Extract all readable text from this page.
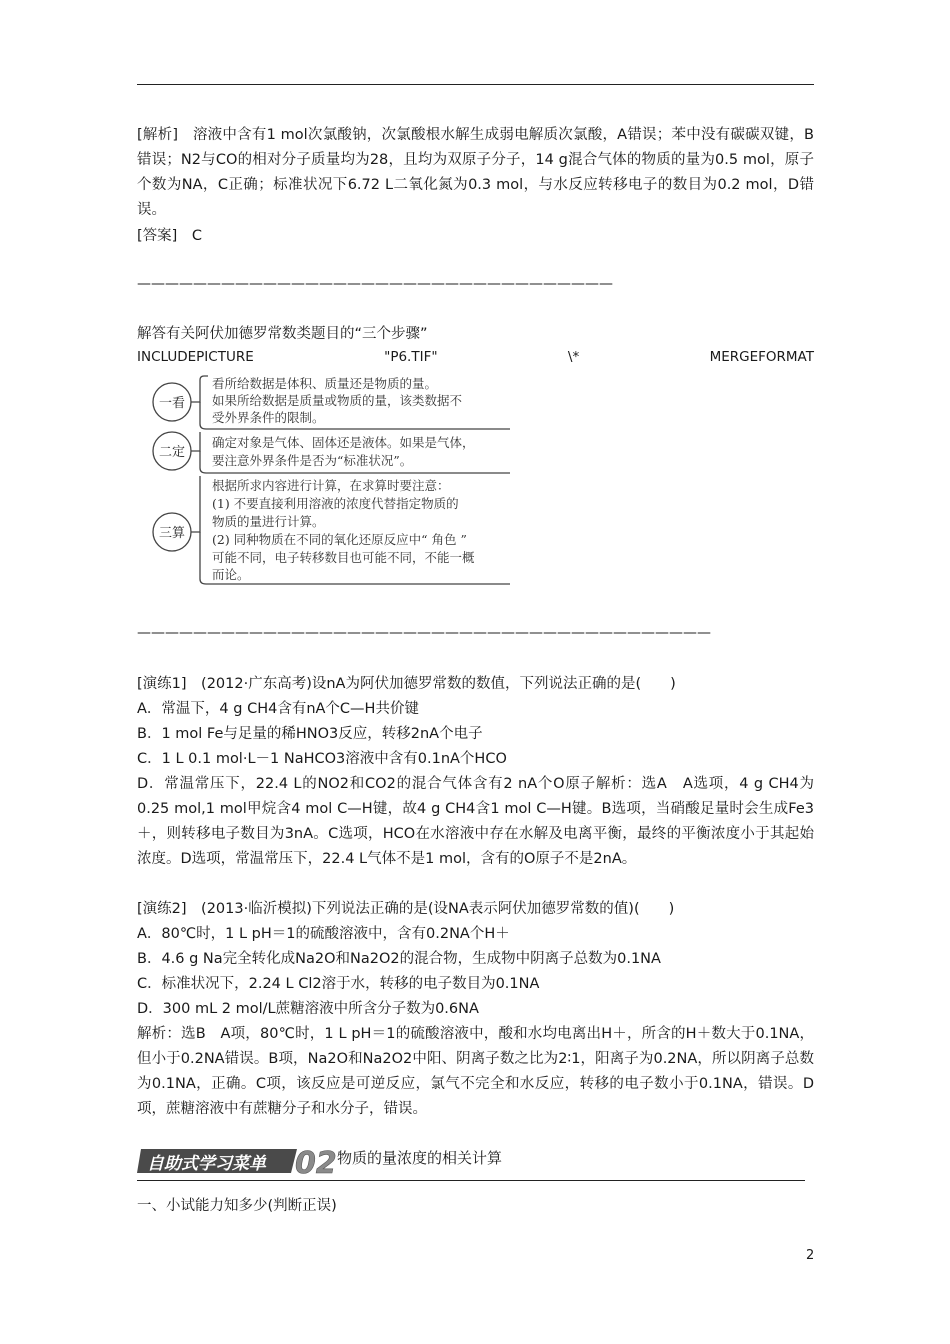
[解析]　溶液中含有1 mol次氯酸钠，次氯酸根水解生成弱电解质次氯酸，A错误；苯中没有碳碳双键，B错误；N2与CO的相对分子质量均为28，且均为双原子分子，14 g混合气体的物质的量为0.5 mol，原子个数为NA，C正确；标准状况下6.72 L二氧化氮为0.3 mol，与水反应转移电子的数目为0.2 mol，D错误。
[答案]　C
——————————————————————————————————
解答有关阿伏加德罗常数类题目的“三个步骤”
INCLUDEPICTURE	"P6.TIF"	\*	MERGEFORMAT
一看
看所给数据是体积、质量还是物质的量。
如果所给数据是质量或物质的量，该类数据不
受外界条件的限制。
二定
确定对象是气体、固体还是液体。如果是气体，
要注意外界条件是否为“标准状况”。
三算
根据所求内容进行计算，在求算时要注意：
(1) 不要直接利用溶液的浓度代替指定物质的
物质的量进行计算。
(2) 同种物质在不同的氧化还原反应中“ 角色 ”
可能不同，电子转移数目也可能不同，不能一概
而论。
—————————————————————————————————————————
[演练1]　(2012·广东高考)设nA为阿伏加德罗常数的数值，下列说法正确的是(　　)
A．常温下，4 g CH4含有nA个C—H共价键
B．1 mol Fe与足量的稀HNO3反应，转移2nA个电子
C．1 L 0.1 mol·L－1 NaHCO3溶液中含有0.1nA个HCO
D．常温常压下，22.4 L的NO2和CO2的混合气体含有2 nA个O原子解析：选A　A选项，4 g CH4为0.25 mol,1 mol甲烷含4 mol C—H键，故4 g CH4含1 mol C—H键。B选项，当硝酸足量时会生成Fe3＋，则转移电子数目为3nA。C选项，HCO在水溶液中存在水解及电离平衡，最终的平衡浓度小于其起始浓度。D选项，常温常压下，22.4 L气体不是1 mol，含有的O原子不是2nA。
[演练2]　(2013·临沂模拟)下列说法正确的是(设NA表示阿伏加德罗常数的值)(　　)
A．80℃时，1 L pH＝1的硫酸溶液中，含有0.2NA个H＋
B．4.6 g Na完全转化成Na2O和Na2O2的混合物，生成物中阴离子总数为0.1NA
C．标准状况下，2.24 L Cl2溶于水，转移的电子数目为0.1NA
D．300 mL 2 mol/L蔗糖溶液中所含分子数为0.6NA
解析：选B　A项，80℃时，1 L pH＝1的硫酸溶液中，酸和水均电离出H＋，所含的H＋数大于0.1NA，但小于0.2NA错误。B项，Na2O和Na2O2中阳、阴离子数之比为2∶1，阳离子为0.2NA，所以阴离子总数为0.1NA，正确。C项，该反应是可逆反应，氯气不完全和水反应，转移的电子数小于0.1NA，错误。D项，蔗糖溶液中有蔗糖分子和水分子，错误。
自助式学习菜单 02 物质的量浓度的相关计算
一、小试能力知多少(判断正误)
2
